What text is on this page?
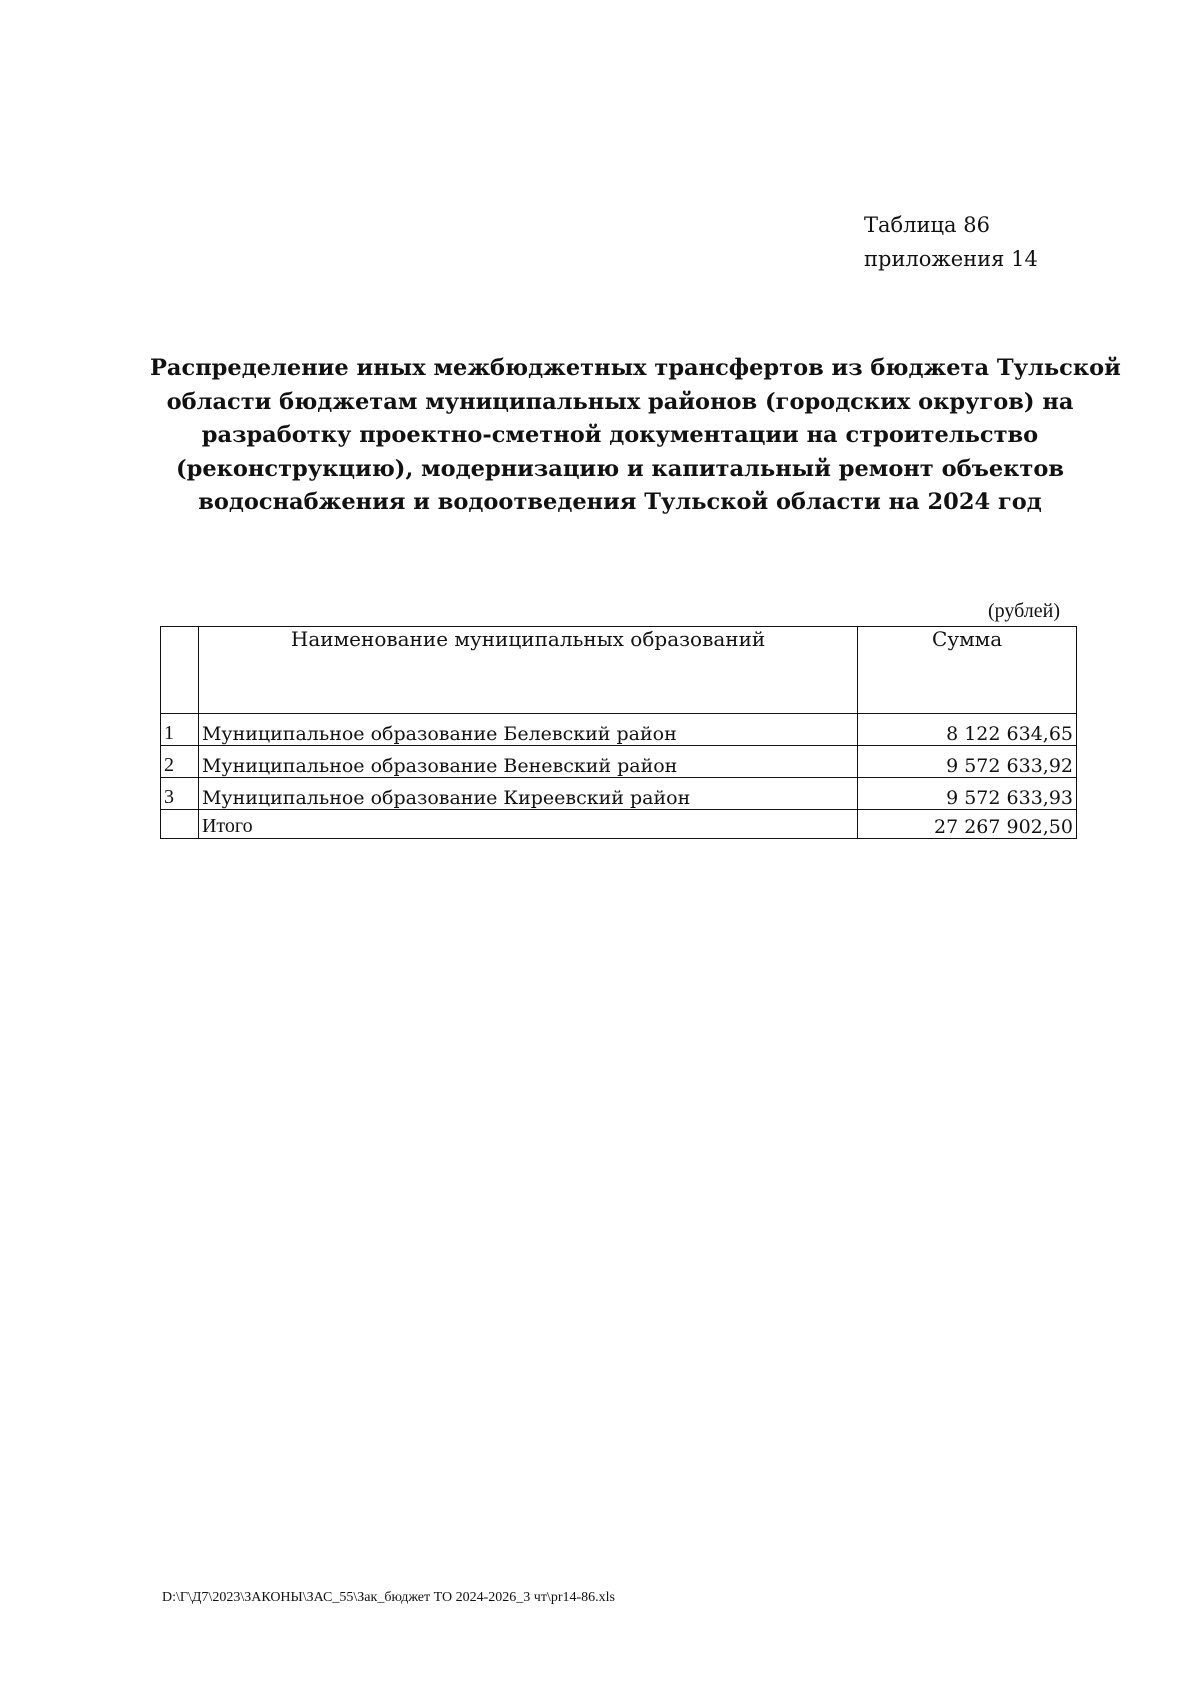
Таблица 86
приложения 14
Распределение иных межбюджетных трансфертов из бюджета Тульской
области бюджетам муниципальных районов (городских округов) на
разработку проектно-сметной документации на строительство
(реконструкцию), модернизацию и капитальный ремонт объектов
водоснабжения и водоотведения Тульской области на 2024 год
(рублей)
	Наименование муниципальных образований	Сумма
1	Муниципальное образование Белевский район	8 122 634,65
2	Муниципальное образование Веневский район	9 572 633,92
3	Муниципальное образование Киреевский район	9 572 633,93
	Итого	27 267 902,50
D:\Г\Д7\2023\ЗАКОНЫ\ЗАС_55\Зак_бюджет ТО 2024-2026_3 чт\pr14-86.xls
